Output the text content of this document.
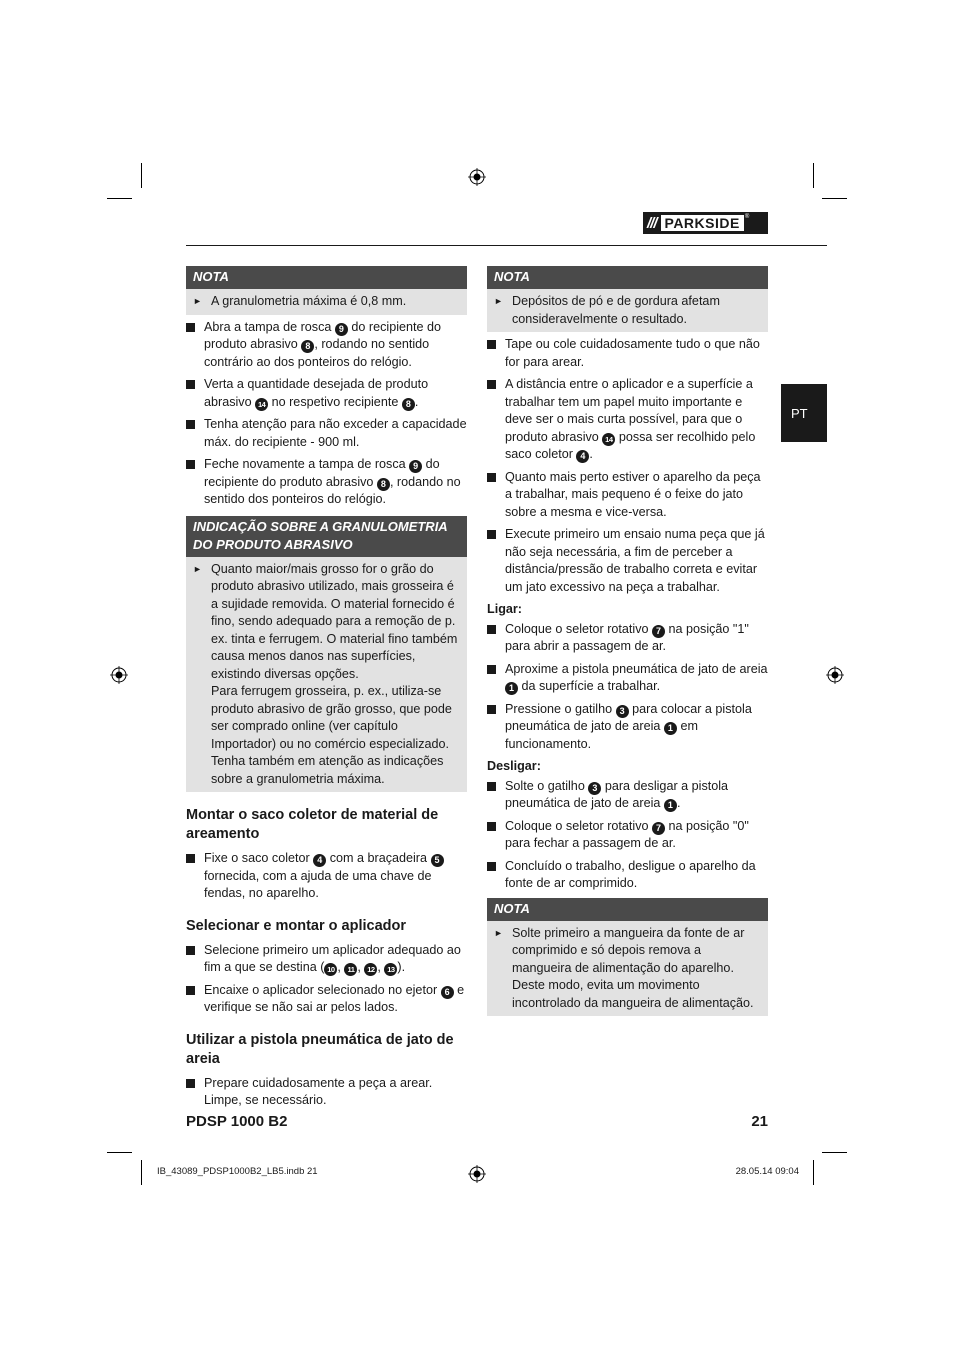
/// PARKSIDE ®
PT
NOTA
► A granulometria máxima é 0,8 mm.
Abra a tampa de rosca 9 do recipiente do produto abrasivo 8 , rodando no sentido contrário ao dos ponteiros do relógio.
Verta a quantidade desejada de produto abrasivo 14 no respetivo recipiente 8 .
Tenha atenção para não exceder a capacidade máx. do recipiente - 900 ml.
Feche novamente a tampa de rosca 9 do recipiente do produto abrasivo 8 , rodando no sentido dos ponteiros do relógio.
INDICAÇÃO SOBRE A GRANULOMETRIA DO PRODUTO ABRASIVO
► Quanto maior/mais grosso for o grão do produto abrasivo utilizado, mais grosseira é a sujidade removida. O material fornecido é fino, sendo adequado para a remoção de p. ex. tinta e ferrugem. O material fino também causa menos danos nas superfícies, existindo diversas opções.
Para ferrugem grosseira, p. ex., utiliza-se produto abrasivo de grão grosso, que pode ser comprado online (ver capítulo Importador) ou no comércio especializado.
Tenha também em atenção as indicações sobre a granulometria máxima.
Montar o saco coletor de material de areamento
Fixe o saco coletor 4 com a braçadeira 5 fornecida, com a ajuda de uma chave de fendas, no aparelho.
Selecionar e montar o aplicador
Selecione primeiro um aplicador adequado ao fim a que se destina ( 10 , 11 , 12 , 13 ).
Encaixe o aplicador selecionado no ejetor 6 e verifique se não sai ar pelos lados.
Utilizar a pistola pneumática de jato de areia
Prepare cuidadosamente a peça a arear. Limpe, se necessário.
NOTA
► Depósitos de pó e de gordura afetam consideravelmente o resultado.
Tape ou cole cuidadosamente tudo o que não for para arear.
A distância entre o aplicador e a superfície a trabalhar tem um papel muito importante e deve ser o mais curta possível, para que o produto abrasivo 14 possa ser recolhido pelo saco coletor 4 .
Quanto mais perto estiver o aparelho da peça a trabalhar, mais pequeno é o feixe do jato sobre a mesma e vice-versa.
Execute primeiro um ensaio numa peça que já não seja necessária, a fim de perceber a distância/pressão de trabalho correta e evitar um jato excessivo na peça a trabalhar.
Ligar:
Coloque o seletor rotativo 7 na posição "1" para abrir a passagem de ar.
Aproxime a pistola pneumática de jato de areia 1 da superfície a trabalhar.
Pressione o gatilho 3 para colocar a pistola pneumática de jato de areia 1 em funcionamento.
Desligar:
Solte o gatilho 3 para desligar a pistola pneumática de jato de areia 1 .
Coloque o seletor rotativo 7 na posição "0" para fechar a passagem de ar.
Concluído o trabalho, desligue o aparelho da fonte de ar comprimido.
NOTA
► Solte primeiro a mangueira da fonte de ar comprimido e só depois remova a mangueira de alimentação do aparelho.
Deste modo, evita um movimento incontrolado da mangueira de alimentação.
PDSP 1000 B2	21
IB_43089_PDSP1000B2_LB5.indb 21	28.05.14 09:04
